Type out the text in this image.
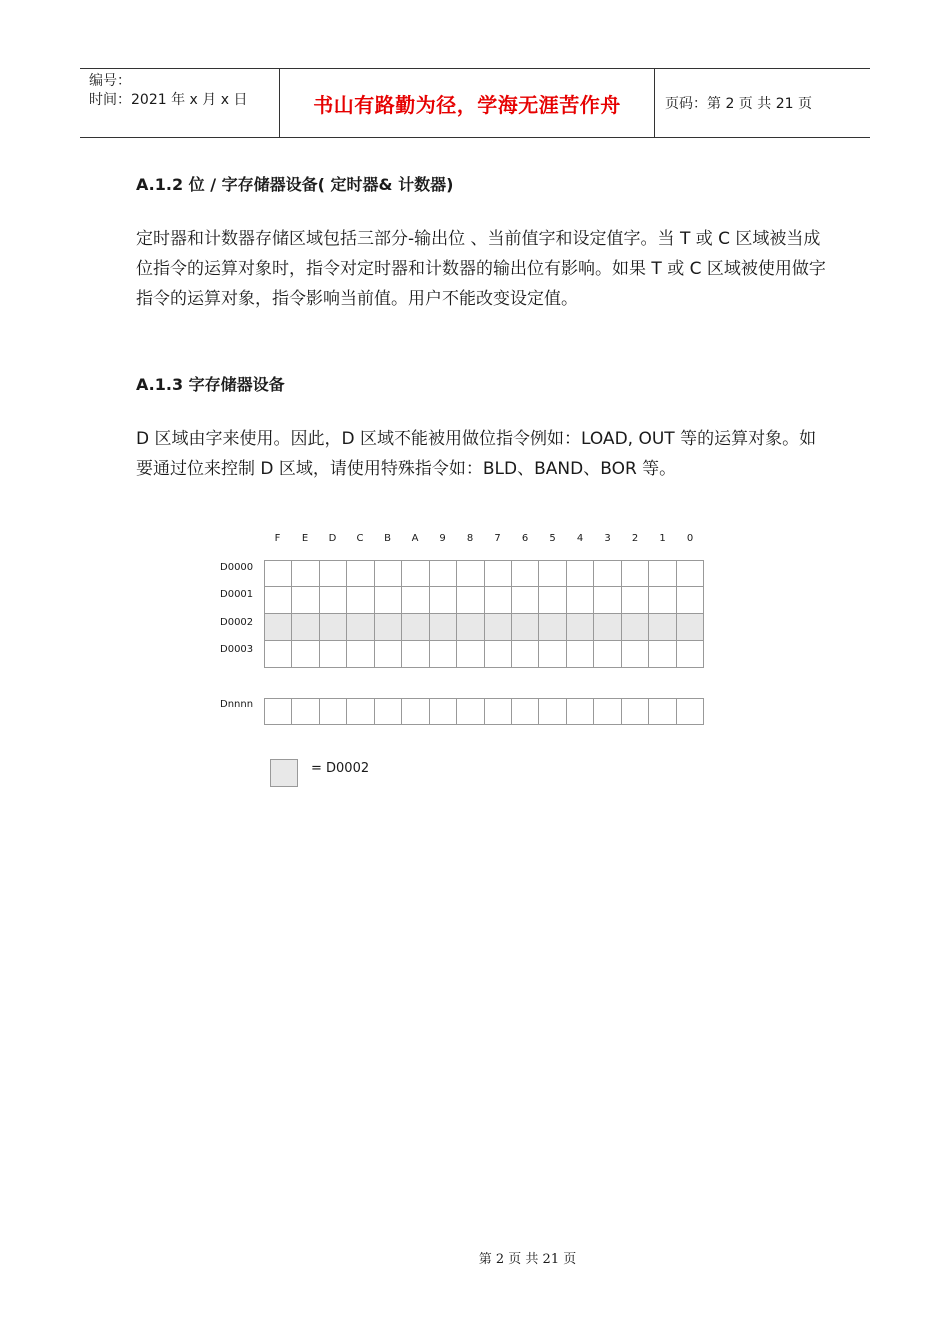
编号：
时间：2021 年 x 月 x 日	书山有路勤为径，学海无涯苦作舟	页码：第 2 页 共 21 页
A.1.2 位 / 字存储器设备( 定时器& 计数器)

定时器和计数器存储区域包括三部分-输出位 、当前值字和设定值字。当 T 或 C 区域被当成位指令的运算对象时，指令对定时器和计数器的输出位有影响。如果 T 或 C 区域被使用做字指令的运算对象，指令影响当前值。用户不能改变设定值。

A.1.3 字存储器设备

D 区域由字来使用。因此，D 区域不能被用做位指令例如：LOAD, OUT 等的运算对象。如要通过位来控制 D 区域，请使用特殊指令如：BLD、BAND、BOR 等。

F	E	D	C	B	A	9	8	7	6	5	4	3	2	1	0
D0000
D0001
D0002
D0003
Dnnnn
= D0002
第 2 页 共 21 页
